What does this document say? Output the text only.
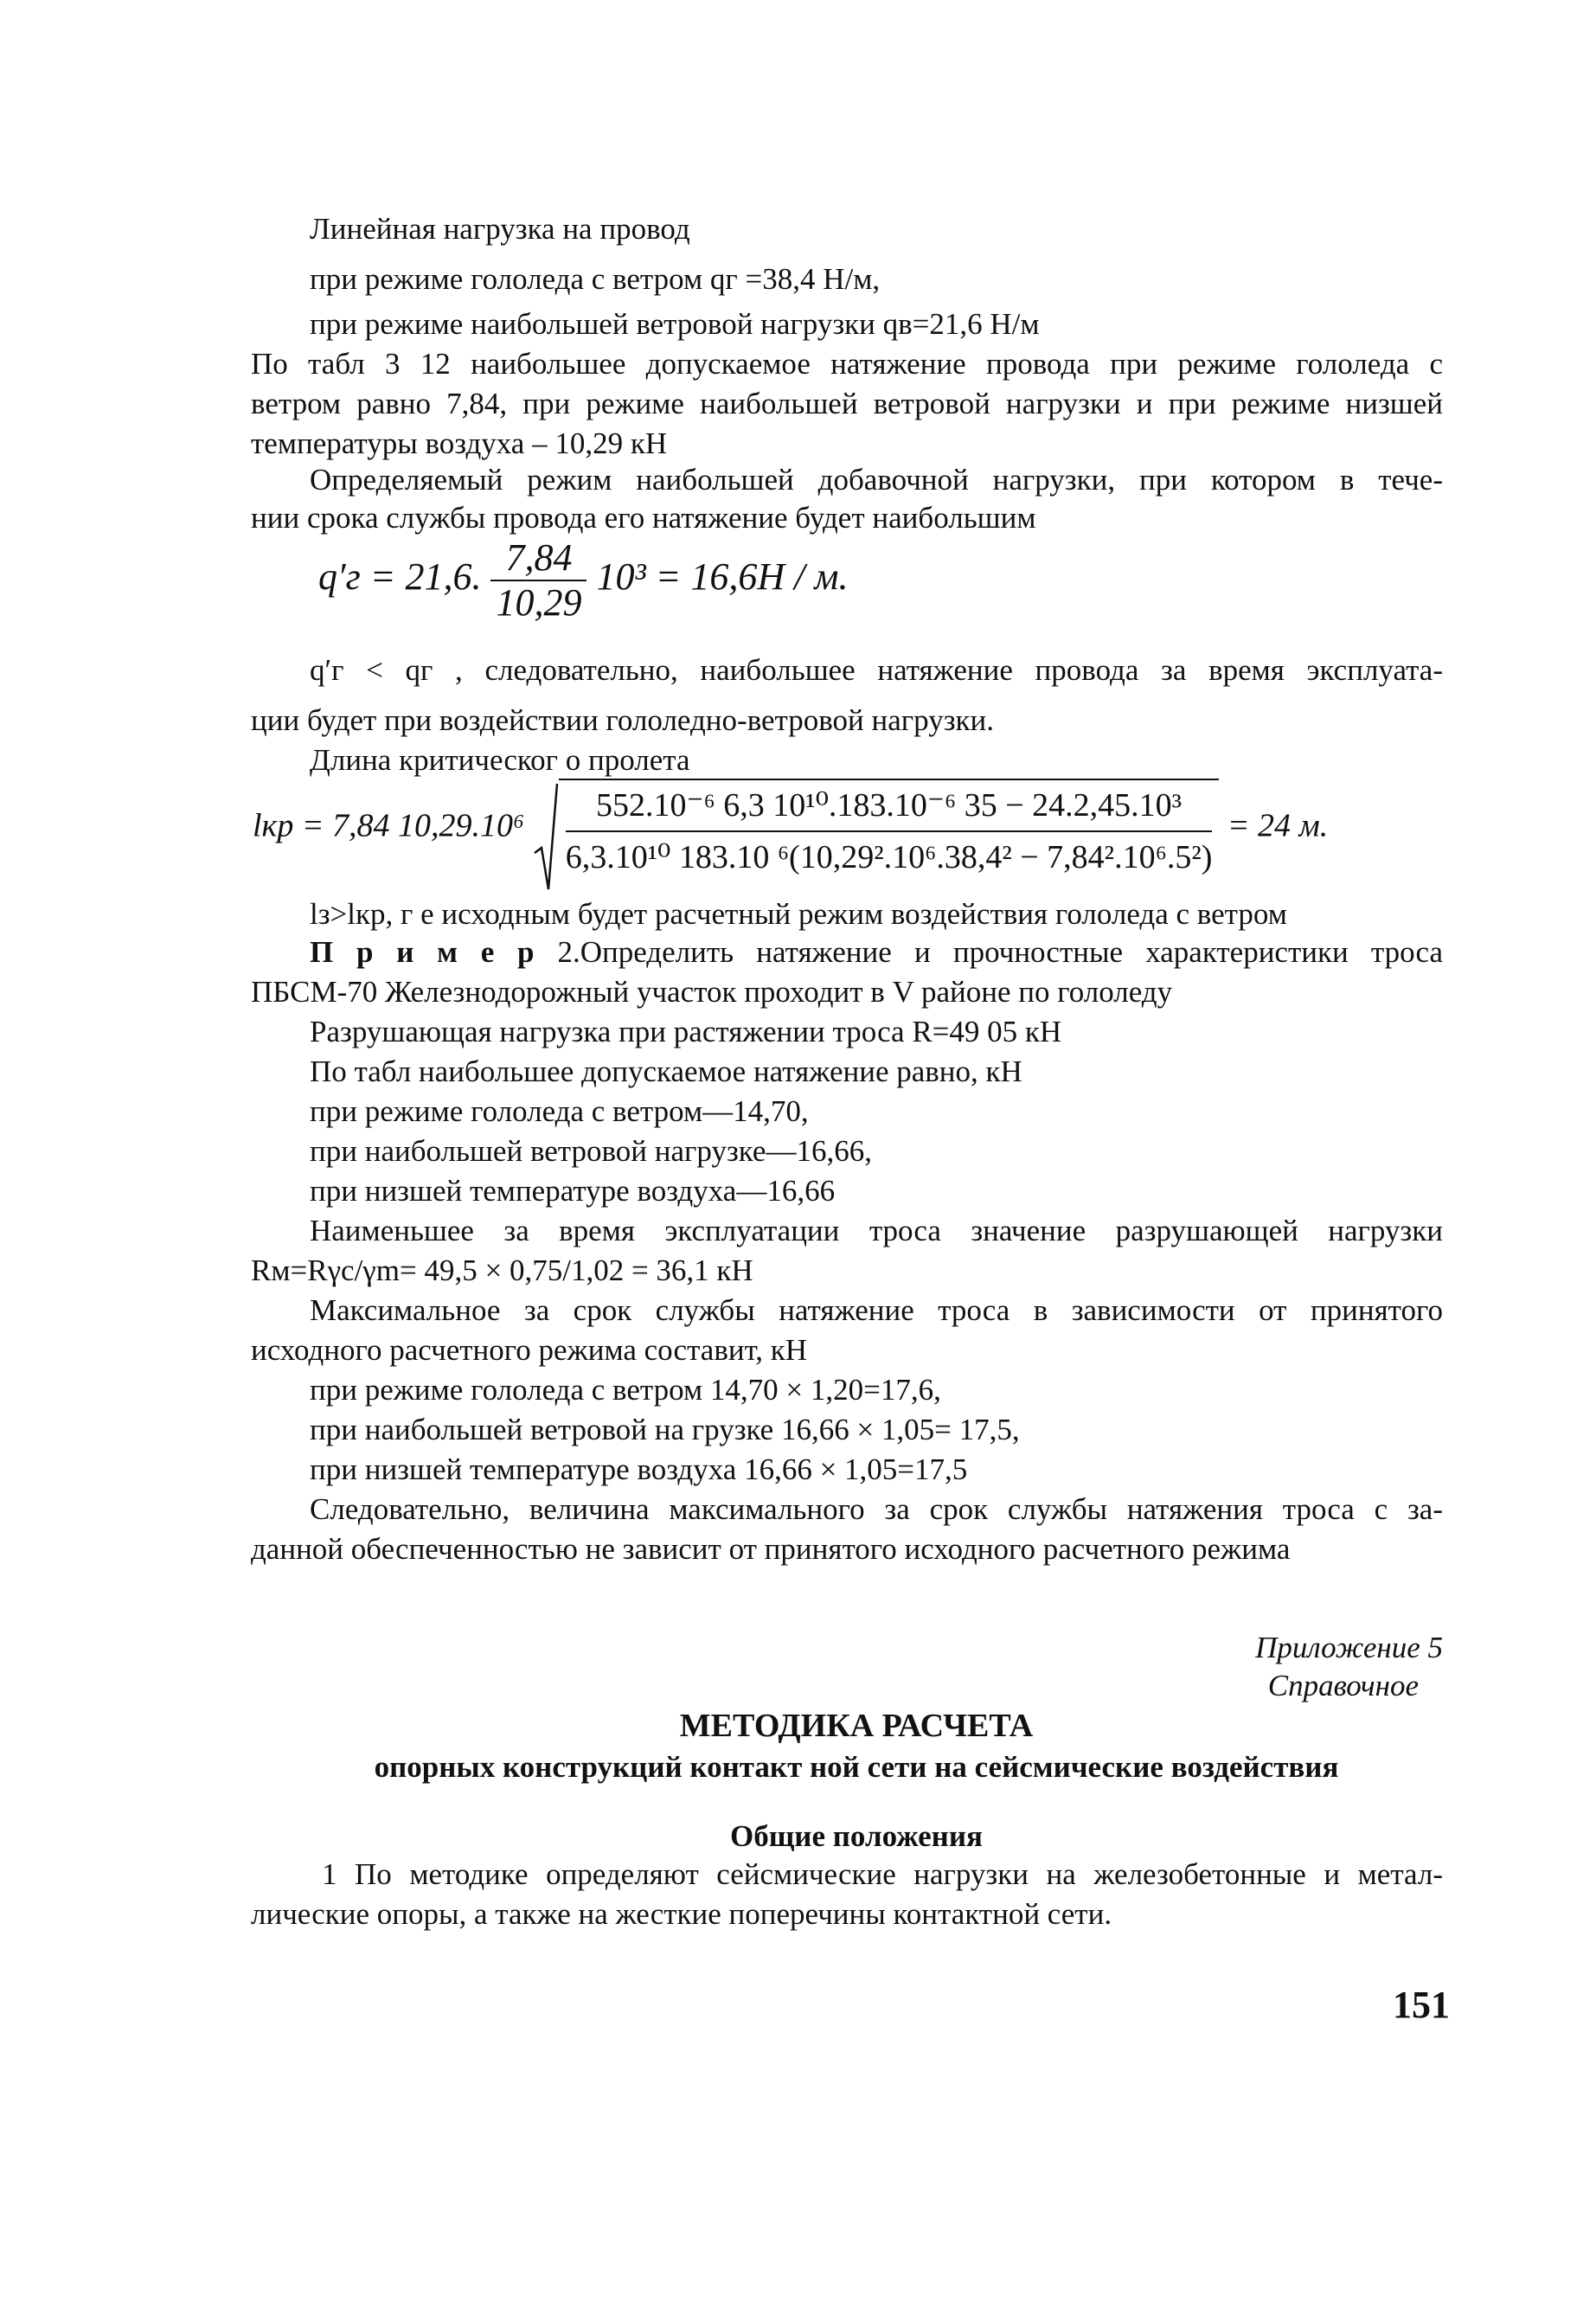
Линейная нагрузка на провод
при режиме гололеда с ветром qг =38,4 Н/м,
при режиме наибольшей ветровой нагрузки qв=21,6 Н/м
По табл 3 12 наибольшее допускаемое натяжение провода при режиме гололеда с
ветром равно 7,84, при режиме наибольшей ветровой нагрузки и при режиме низшей
температуры воздуха – 10,29 кН
Определяемый режим наибольшей добавочной нагрузки, при котором в тече-
нии срока службы провода его натяжение будет наибольшим
q′г = 21,6. $\frac{7,84}{10,29} 10^3 = 16,6H / м$.
q′г < qг , следовательно, наибольшее натяжение провода за время эксплуата-
ции будет при воздействии гололедно-ветровой нагрузки.
Длина критическог о пролета
lкр = 7,84 $10,29.10^6 \frac{\text{552.10⁻⁶ 6,3 10¹⁰.183.10⁻⁶ 35 − 24.2,45.10³}}{\text{6,3.10¹⁰ 183.10 ⁶(10,29².10⁶.38,4² − 7,84².10⁶.5²)}} = 24$ м.
lз>lкр, г е исходным будет расчетный режим воздействия гололеда с ветром
П р и м е р 2.Определить натяжение и прочностные характеристики троса
ПБСМ-70 Железнодорожный участок проходит в V районе по гололеду
Разрушающая нагрузка при растяжении троса R=49 05 кН
По табл наибольшее допускаемое натяжение равно, кН
при режиме гололеда с ветром—14,70,
при наибольшей ветровой нагрузке—16,66,
при низшей температуре воздуха—16,66
Наименьшее за время эксплуатации троса значение разрушающей нагрузки
Rм=Rγc/γm= 49,5 × 0,75/1,02 = 36,1 кН
Максимальное за срок службы натяжение троса в зависимости от принятого
исходного расчетного режима составит, кН
при режиме гололеда с ветром 14,70 × 1,20=17,6,
при наибольшей ветровой на грузке 16,66 × 1,05= 17,5,
при низшей температуре воздуха 16,66 × 1,05=17,5
Следовательно, величина максимального за срок службы натяжения троса с за-
данной обеспеченностью не зависит от принятого исходного расчетного режима
Приложение 5
Справочное
МЕТОДИКА РАСЧЕТА
опорных конструкций контакт ной сети на сейсмические воздействия
Общие положения
1 По методике определяют сейсмические нагрузки на железобетонные и метал-
лические опоры, а также на жесткие поперечины контактной сети.
151
